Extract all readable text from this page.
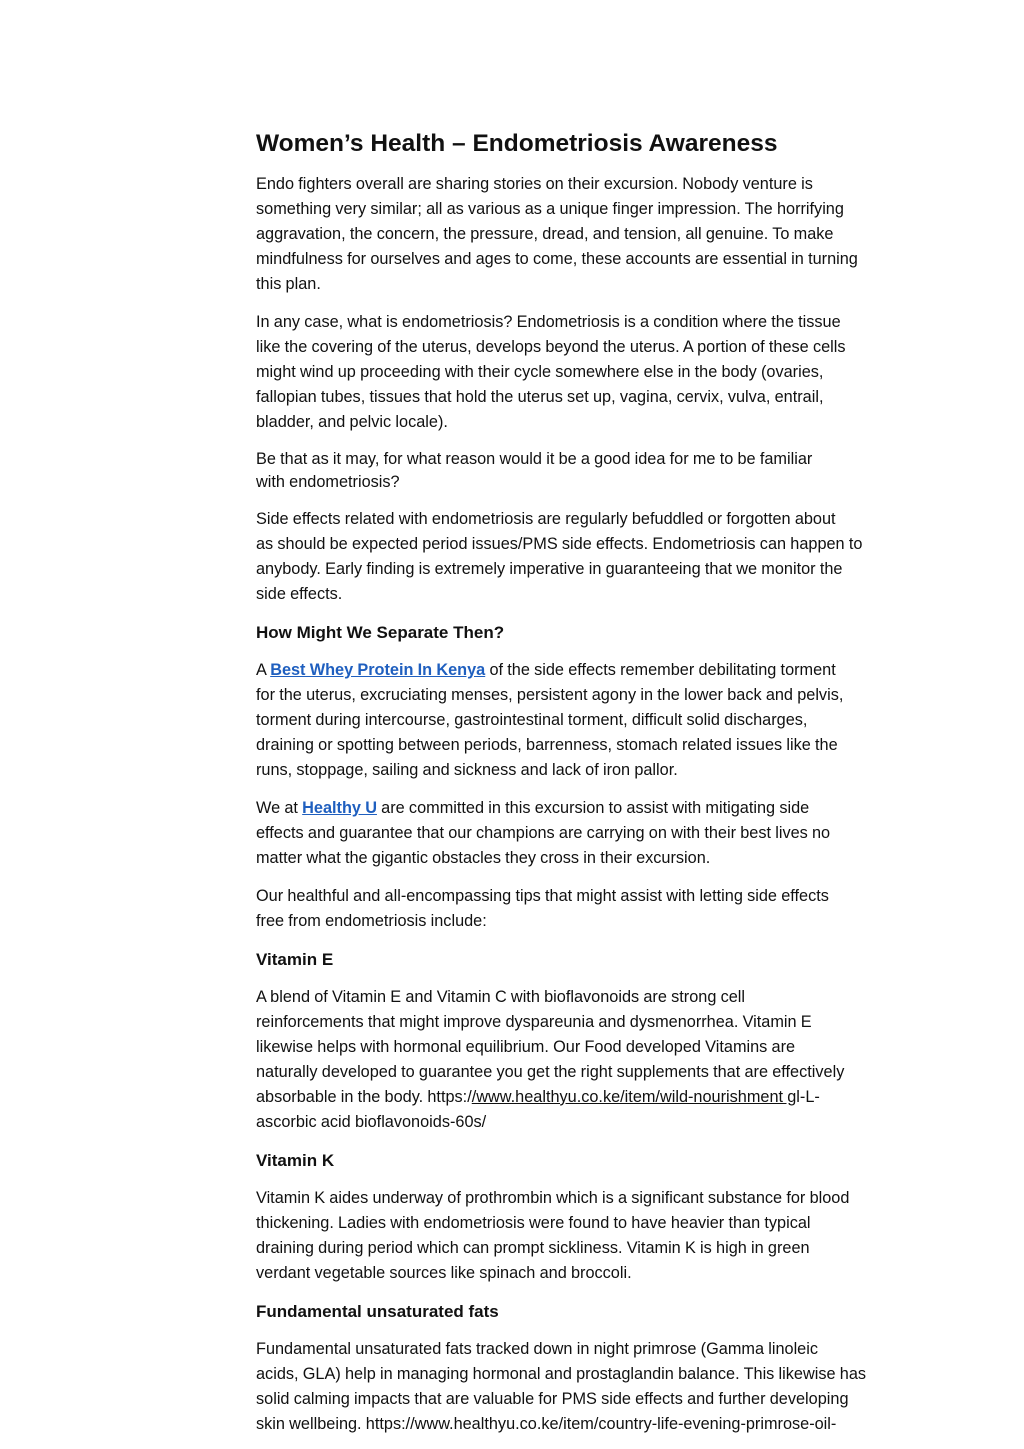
Women’s Health – Endometriosis Awareness

Endo fighters overall are sharing stories on their excursion. Nobody venture is
something very similar; all as various as a unique finger impression. The horrifying
aggravation, the concern, the pressure, dread, and tension, all genuine. To make
mindfulness for ourselves and ages to come, these accounts are essential in turning
this plan.

In any case, what is endometriosis? Endometriosis is a condition where the tissue
like the covering of the uterus, develops beyond the uterus. A portion of these cells
might wind up proceeding with their cycle somewhere else in the body (ovaries,
fallopian tubes, tissues that hold the uterus set up, vagina, cervix, vulva, entrail,
bladder, and pelvic locale).

Be that as it may, for what reason would it be a good idea for me to be familiar
with endometriosis?

Side effects related with endometriosis are regularly befuddled or forgotten about
as should be expected period issues/PMS side effects. Endometriosis can happen to
anybody. Early finding is extremely imperative in guaranteeing that we monitor the
side effects.

How Might We Separate Then?

A Best Whey Protein In Kenya of the side effects remember debilitating torment
for the uterus, excruciating menses, persistent agony in the lower back and pelvis,
torment during intercourse, gastrointestinal torment, difficult solid discharges,
draining or spotting between periods, barrenness, stomach related issues like the
runs, stoppage, sailing and sickness and lack of iron pallor.

We at Healthy U are committed in this excursion to assist with mitigating side
effects and guarantee that our champions are carrying on with their best lives no
matter what the gigantic obstacles they cross in their excursion.

Our healthful and all-encompassing tips that might assist with letting side effects
free from endometriosis include:

Vitamin E

A blend of Vitamin E and Vitamin C with bioflavonoids are strong cell
reinforcements that might improve dyspareunia and dysmenorrhea. Vitamin E
likewise helps with hormonal equilibrium. Our Food developed Vitamins are
naturally developed to guarantee you get the right supplements that are effectively
absorbable in the body. https://www.healthyu.co.ke/item/wild-nourishment gl-L-
ascorbic acid bioflavonoids-60s/

Vitamin K

Vitamin K aides underway of prothrombin which is a significant substance for blood
thickening. Ladies with endometriosis were found to have heavier than typical
draining during period which can prompt sickliness. Vitamin K is high in green
verdant vegetable sources like spinach and broccoli.

Fundamental unsaturated fats

Fundamental unsaturated fats tracked down in night primrose (Gamma linoleic
acids, GLA) help in managing hormonal and prostaglandin balance. This likewise has
solid calming impacts that are valuable for PMS side effects and further developing
skin wellbeing. https://www.healthyu.co.ke/item/country-life-evening-primrose-oil-
